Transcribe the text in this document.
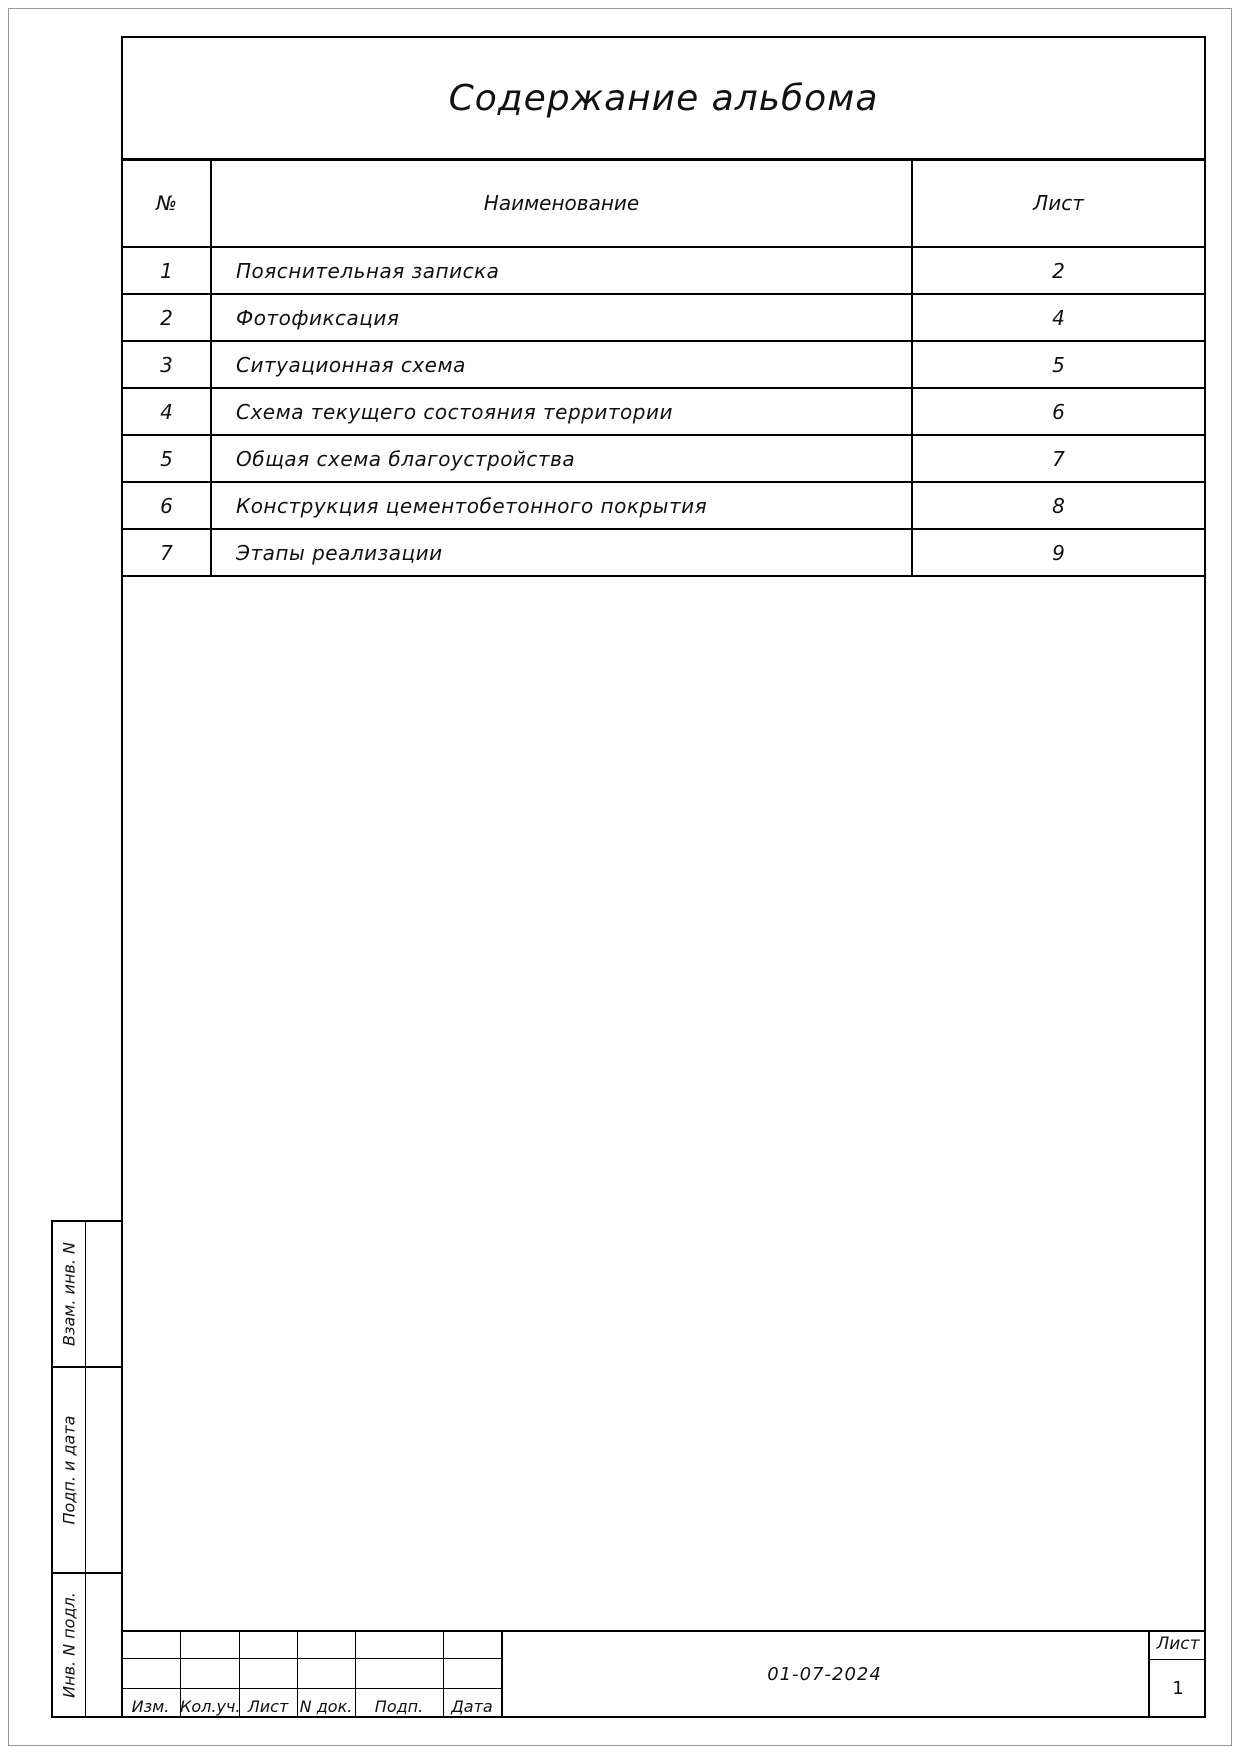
Содержание альбома
№	Наименование	Лист
1	Пояснительная записка	2
2	Фотофиксация	4
3	Ситуационная схема	5
4	Схема текущего состояния территории	6
5	Общая схема благоустройства	7
6	Конструкция цементобетонного покрытия	8
7	Этапы реализации	9
Взам. инв. N
Подп. и дата
Инв. N подл.
Изм. Кол.уч. Лист N док.	Подп.	Дата
01-07-2024
Лист
1
